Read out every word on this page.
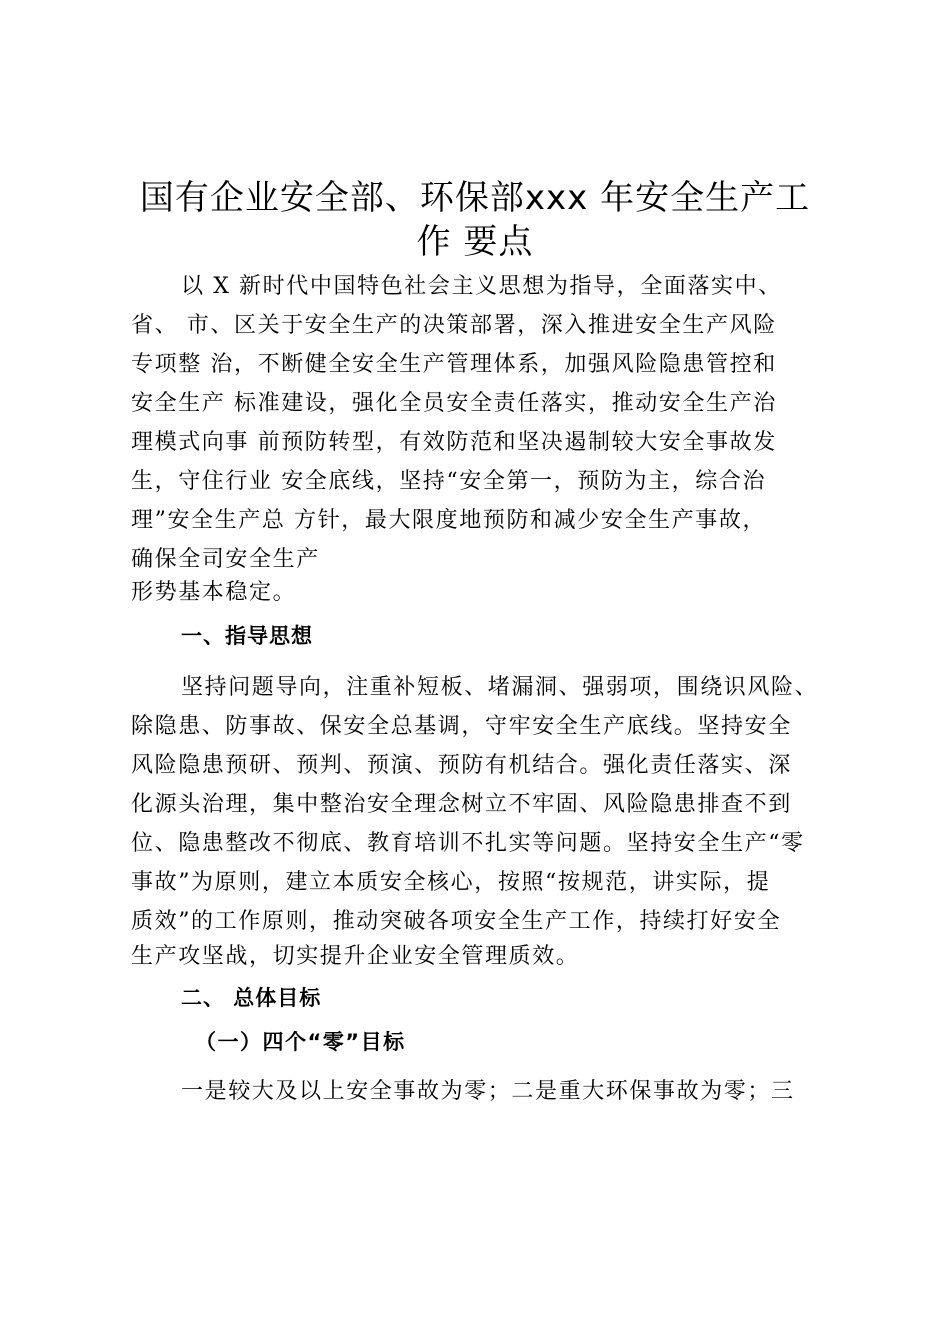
国有企业安全部、环保部xxx 年安全生产工
作 要点
以 X 新时代中国特色社会主义思想为指导，全面落实中、
省、 市、区关于安全生产的决策部署，深入推进安全生产风险
专项整 治，不断健全安全生产管理体系，加强风险隐患管控和
安全生产 标准建设，强化全员安全责任落实，推动安全生产治
理模式向事 前预防转型，有效防范和坚决遏制较大安全事故发
生，守住行业 安全底线，坚持“安全第一，预防为主，综合治
理”安全生产总 方针，最大限度地预防和减少安全生产事故，
确保全司安全生产
形势基本稳定。
一、指导思想
坚持问题导向，注重补短板、堵漏洞、强弱项，围绕识风险、
除隐患、防事故、保安全总基调，守牢安全生产底线。坚持安全
风险隐患预研、预判、预演、预防有机结合。强化责任落实、深
化源头治理，集中整治安全理念树立不牢固、风险隐患排查不到
位、隐患整改不彻底、教育培训不扎实等问题。坚持安全生产“零
事故”为原则，建立本质安全核心，按照“按规范，讲实际，提
质效”的工作原则，推动突破各项安全生产工作，持续打好安全
生产攻坚战，切实提升企业安全管理质效。
二、 总体目标
（一）四个“零”目标
一是较大及以上安全事故为零；二是重大环保事故为零；三
